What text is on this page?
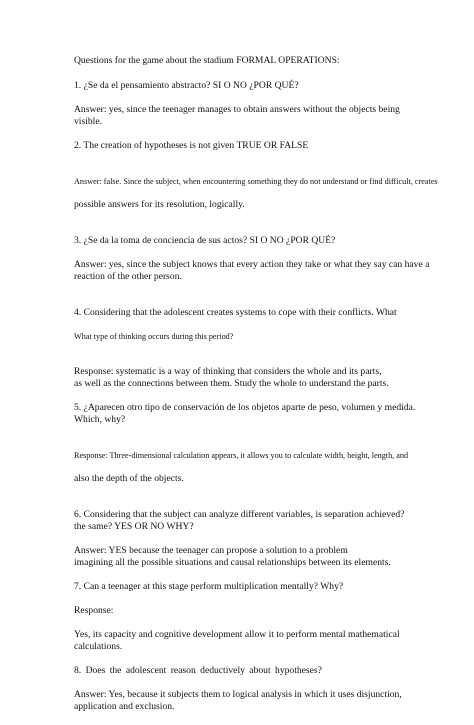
Questions for the game about the stadium FORMAL OPERATIONS:

1. ¿Se da el pensamiento abstracto? SI O NO ¿POR QUÉ?

Answer: yes, since the teenager manages to obtain answers without the objects being
visible.

2. The creation of hypotheses is not given TRUE OR FALSE

Answer: false. Since the subject, when encountering something they do not understand or find difficult, creates

possible answers for its resolution, logically.

3. ¿Se da la toma de conciencia de sus actos? SI O NO ¿POR QUÉ?

Answer: yes, since the subject knows that every action they take or what they say can have a
reaction of the other person.

4. Considering that the adolescent creates systems to cope with their conflicts. What

What type of thinking occurs during this period?

Response: systematic is a way of thinking that considers the whole and its parts,
as well as the connections between them. Study the whole to understand the parts.

5. ¿Aparecen otro tipo de conservación de los objetos aparte de peso, volumen y medida.
Which, why?

Response: Three-dimensional calculation appears, it allows you to calculate width, height, length, and

also the depth of the objects.

6. Considering that the subject can analyze different variables, is separation achieved?
the same? YES OR NO WHY?

Answer: YES because the teenager can propose a solution to a problem
imagining all the possible situations and causal relationships between its elements.

7. Can a teenager at this stage perform multiplication mentally? Why?

Response:

Yes, its capacity and cognitive development allow it to perform mental mathematical calculations.

8. Does the adolescent reason deductively about hypotheses?

Answer: Yes, because it subjects them to logical analysis in which it uses disjunction,
application and exclusion.
